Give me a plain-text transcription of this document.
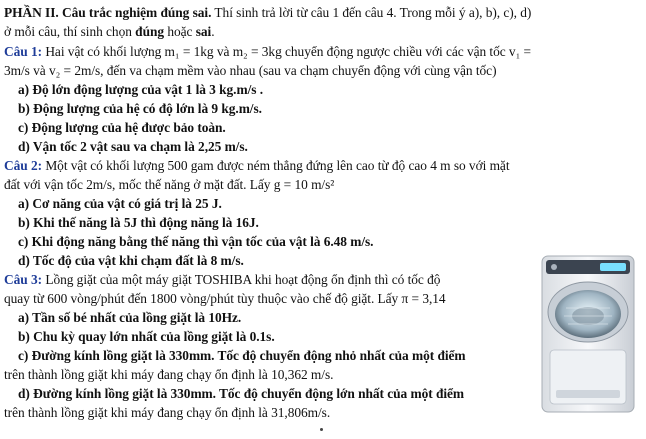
PHẦN II. Câu trắc nghiệm đúng sai. Thí sinh trả lời từ câu 1 đến câu 4. Trong mỗi ý a), b), c), d)
ở mỗi câu, thí sinh chọn đúng hoặc sai.
Câu 1: Hai vật có khối lượng m₁ = 1kg và m₂ = 3kg chuyển động ngược chiều với các vận tốc v₁ =
3m/s và v₂ = 2m/s, đến va chạm mềm vào nhau (sau va chạm chuyển động với cùng vận tốc)
a) Độ lớn động lượng của vật 1 là 3 kg.m/s .
b) Động lượng của hệ có độ lớn là 9 kg.m/s.
c) Động lượng của hệ được bảo toàn.
d) Vận tốc 2 vật sau va chạm là 2,25 m/s.
Câu 2: Một vật có khối lượng 500 gam được ném thẳng đứng lên cao từ độ cao 4 m so với mặt
đất với vận tốc 2m/s, mốc thế năng ở mặt đất. Lấy g = 10 m/s²
a) Cơ năng của vật có giá trị là 25 J.
b) Khi thế năng là 5J thì động năng là 16J.
c) Khi động năng bằng thế năng thì vận tốc của vật là 6.48 m/s.
d) Tốc độ của vật khi chạm đất là 8 m/s.
Câu 3: Lồng giặt của một máy giặt TOSHIBA khi hoạt động ổn định thì có tốc độ
quay từ 600 vòng/phút đến 1800 vòng/phút tùy thuộc vào chế độ giặt. Lấy π = 3,14
a) Tần số bé nhất của lồng giặt là 10Hz.
b) Chu kỳ quay lớn nhất của lồng giặt là 0.1s.
c) Đường kính lồng giặt là 330mm. Tốc độ chuyển động nhỏ nhất của một điểm
trên thành lồng giặt khi máy đang chạy ổn định là 10,362 m/s.
d) Đường kính lồng giặt là 330mm. Tốc độ chuyển động lớn nhất của một điểm
trên thành lồng giặt khi máy đang chạy ổn định là 31,806m/s.
